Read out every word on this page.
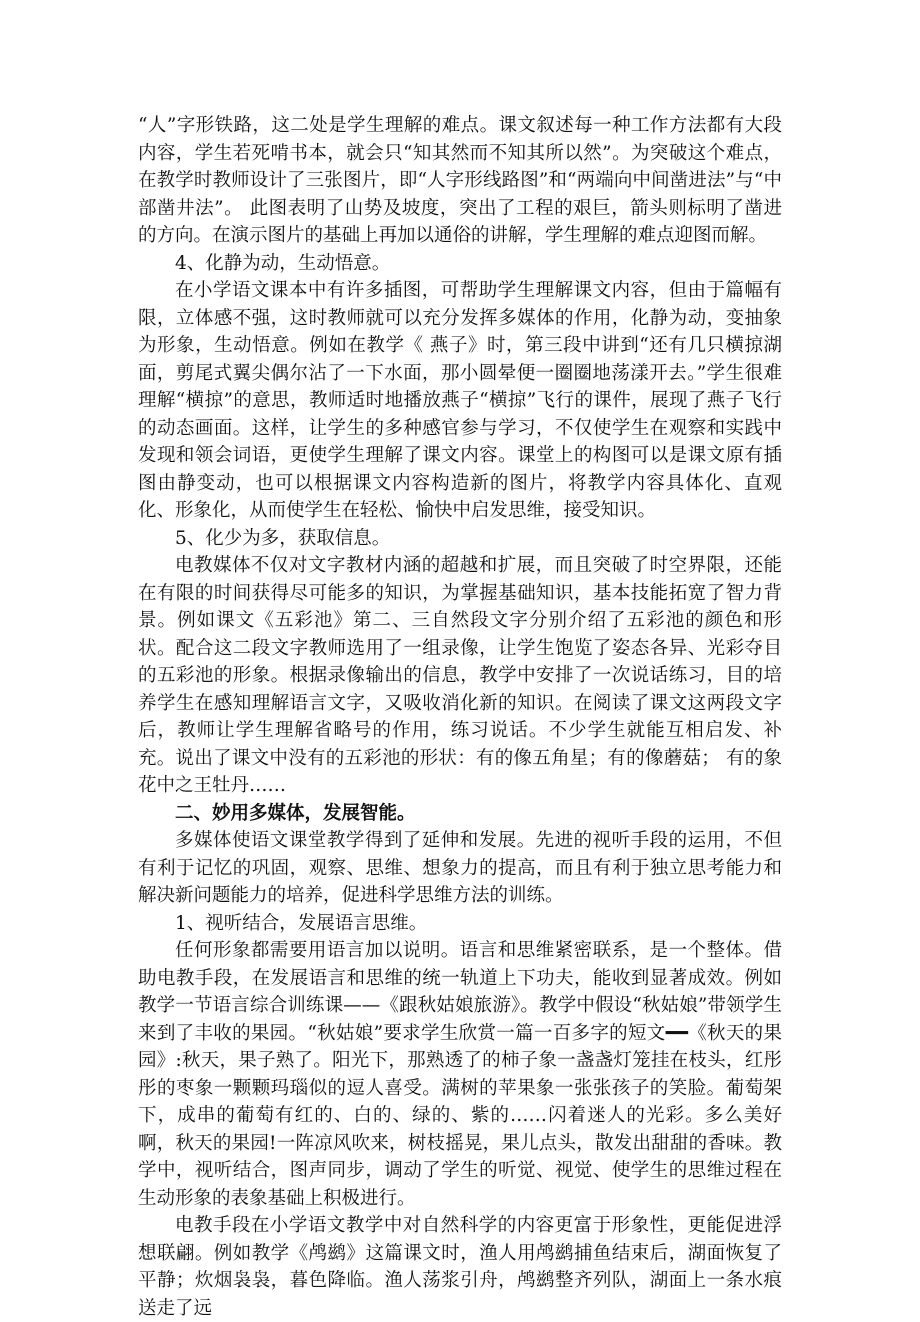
“人”字形铁路，这二处是学生理解的难点。课文叙述每一种工作方法都有大段内容，学生若死啃书本，就会只“知其然而不知其所以然”。为突破这个难点，在教学时教师设计了三张图片，即“人字形线路图”和“两端向中间凿进法”与“中部凿井法”。 此图表明了山势及坡度，突出了工程的艰巨，箭头则标明了凿进的方向。在演示图片的基础上再加以通俗的讲解，学生理解的难点迎图而解。

4、化静为动，生动悟意。

在小学语文课本中有许多插图，可帮助学生理解课文内容，但由于篇幅有限，立体感不强，这时教师就可以充分发挥多媒体的作用，化静为动，变抽象为形象，生动悟意。例如在教学《 燕子》时，第三段中讲到“还有几只横掠湖面，剪尾式翼尖偶尔沾了一下水面，那小圆晕便一圈圈地荡漾开去。”学生很难理解“横掠”的意思，教师适时地播放燕子“横掠”飞行的课件，展现了燕子飞行的动态画面。这样，让学生的多种感官参与学习，不仅使学生在观察和实践中发现和领会词语，更使学生理解了课文内容。课堂上的构图可以是课文原有插图由静变动，也可以根据课文内容构造新的图片，将教学内容具体化、直观化、形象化，从而使学生在轻松、愉快中启发思维，接受知识。

5、化少为多，获取信息。

电教媒体不仅对文字教材内涵的超越和扩展，而且突破了时空界限，还能在有限的时间获得尽可能多的知识，为掌握基础知识，基本技能拓宽了智力背景。例如课文《五彩池》第二、三自然段文字分别介绍了五彩池的颜色和形状。配合这二段文字教师选用了一组录像，让学生饱览了姿态各异、光彩夺目的五彩池的形象。根据录像输出的信息，教学中安排了一次说话练习，目的培养学生在感知理解语言文字，又吸收消化新的知识。在阅读了课文这两段文字后，教师让学生理解省略号的作用，练习说话。不少学生就能互相启发、补充。说出了课文中没有的五彩池的形状：有的像五角星；有的像蘑菇； 有的象花中之王牡丹……

二、妙用多媒体，发展智能。

多媒体使语文课堂教学得到了延伸和发展。先进的视听手段的运用，不但有利于记忆的巩固，观察、思维、想象力的提高，而且有利于独立思考能力和解决新问题能力的培养，促进科学思维方法的训练。

1、视听结合，发展语言思维。

任何形象都需要用语言加以说明。语言和思维紧密联系，是一个整体。借助电教手段，在发展语言和思维的统一轨道上下功夫，能收到显著成效。例如教学一节语言综合训练课——《跟秋姑娘旅游》。教学中假设“秋姑娘”带领学生来到了丰收的果园。“秋姑娘”要求学生欣赏一篇一百多字的短文━━《秋天的果园》:秋天，果子熟了。阳光下，那熟透了的柿子象一盏盏灯笼挂在枝头，红彤彤的枣象一颗颗玛瑙似的逗人喜受。满树的苹果象一张张孩子的笑脸。葡萄架下，成串的葡萄有红的、白的、绿的、紫的……闪着迷人的光彩。多么美好啊，秋天的果园!一阵凉风吹来，树枝摇晃，果儿点头，散发出甜甜的香味。教学中，视听结合，图声同步，调动了学生的听觉、视觉、使学生的思维过程在生动形象的表象基础上积极进行。

电教手段在小学语文教学中对自然科学的内容更富于形象性，更能促进浮想联翩。例如教学《鸬鹚》这篇课文时，渔人用鸬鹚捕鱼结束后，湖面恢复了平静；炊烟袅袅，暮色降临。渔人荡浆引舟，鸬鹚整齐列队，湖面上一条水痕送走了远
